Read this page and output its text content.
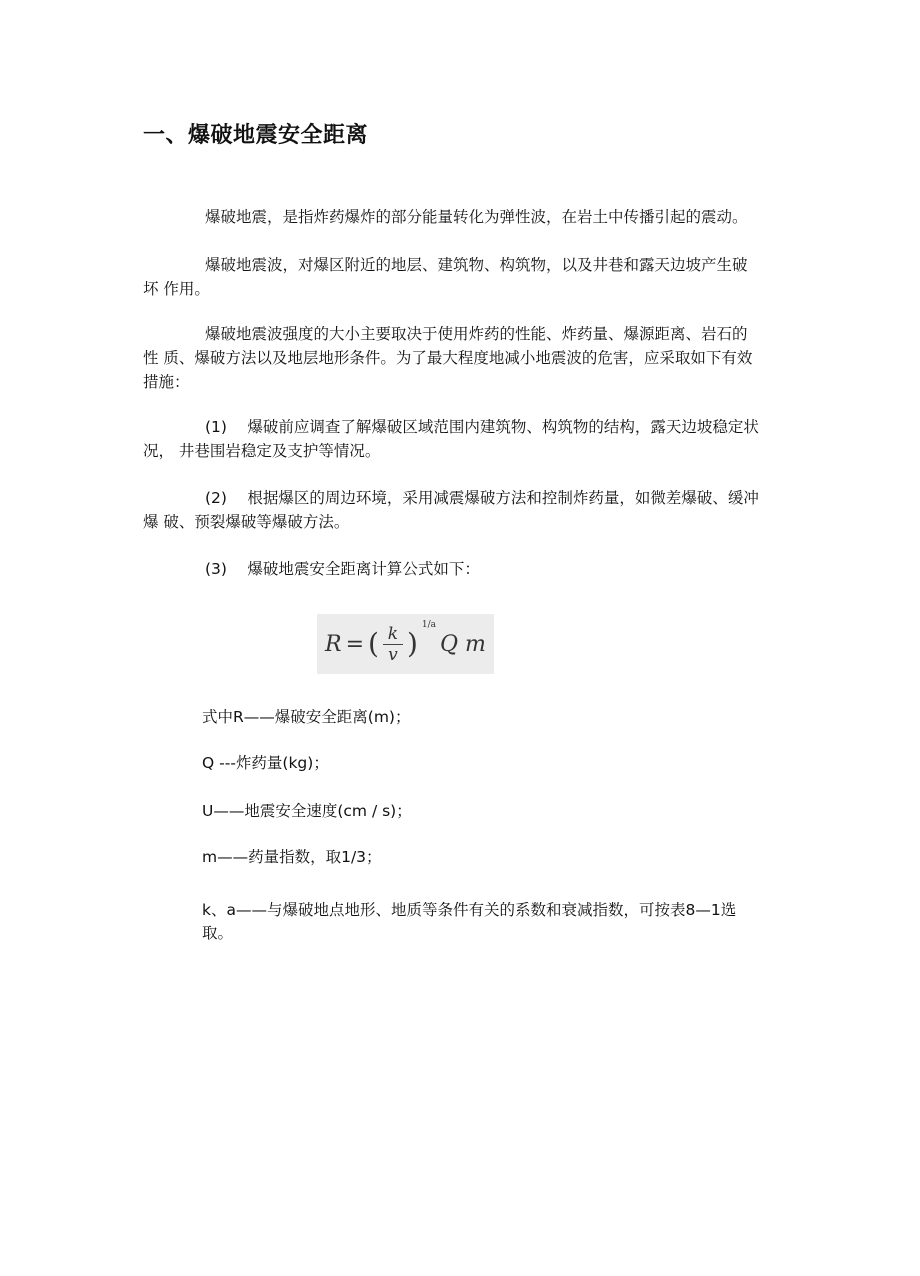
一、爆破地震安全距离
爆破地震，是指炸药爆炸的部分能量转化为弹性波，在岩土中传播引起的震动。
爆破地震波，对爆区附近的地层、建筑物、构筑物，以及井巷和露天边坡产生破
坏 作用。
爆破地震波强度的大小主要取决于使用炸药的性能、炸药量、爆源距离、岩石的
性 质、爆破方法以及地层地形条件。为了最大程度地减小地震波的危害，应采取如下有效
措施：
(1)　 爆破前应调查了解爆破区域范围内建筑物、构筑物的结构，露天边坡稳定状
况， 井巷围岩稳定及支护等情况。
(2)　 根据爆区的周边环境，采用减震爆破方法和控制炸药量，如微差爆破、缓冲
爆 破、预裂爆破等爆破方法。
(3)　 爆破地震安全距离计算公式如下：
R = ( $\frac{k}{v}$ )
1/a
Q m
式中R——爆破安全距离(m)；
Q ---炸药量(kg)；
U——地震安全速度(cm / s)；
m——药量指数，取1/3；
k、a——与爆破地点地形、地质等条件有关的系数和衰减指数，可按表8—1选
取。
